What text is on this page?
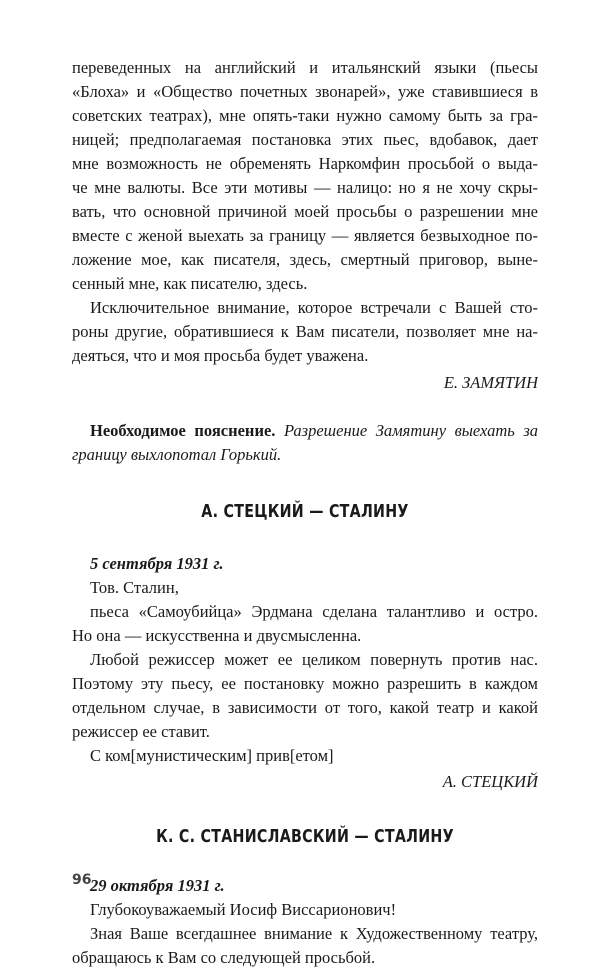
переведенных на английский и итальянский языки (пьесы
«Блоха» и «Общество почетных звонарей», уже ставившиеся в
советских театрах), мне опять-таки нужно самому быть за гра-
ницей; предполагаемая постановка этих пьес, вдобавок, дает
мне возможность не обременять Наркомфин просьбой о выда-
че мне валюты. Все эти мотивы — налицо: но я не хочу скры-
вать, что основной причиной моей просьбы о разрешении мне
вместе с женой выехать за границу — является безвыходное по-
ложение мое, как писателя, здесь, смертный приговор, выне-
сенный мне, как писателю, здесь.
Исключительное внимание, которое встречали с Вашей сто-
роны другие, обратившиеся к Вам писатели, позволяет мне на-
деяться, что и моя просьба будет уважена.
Е. ЗАМЯТИН
Необходимое пояснение. Разрешение Замятину выехать за
границу выхлопотал Горький.
А. СТЕЦКИЙ — СТАЛИНУ
5 сентября 1931 г.
Тов. Сталин,
пьеса «Самоубийца» Эрдмана сделана талантливо и остро.
Но она — искусственна и двусмысленна.
Любой режиссер может ее целиком повернуть против нас.
Поэтому эту пьесу, ее постановку можно разрешить в каждом
отдельном случае, в зависимости от того, какой театр и какой
режиссер ее ставит.
С ком[мунистическим] прив[етом]
А. СТЕЦКИЙ
К. С. СТАНИСЛАВСКИЙ — СТАЛИНУ
29 октября 1931 г.
Глубокоуважаемый Иосиф Виссарионович!
Зная Ваше всегдашнее внимание к Художественному театру,
обращаюсь к Вам со следующей просьбой.
96
